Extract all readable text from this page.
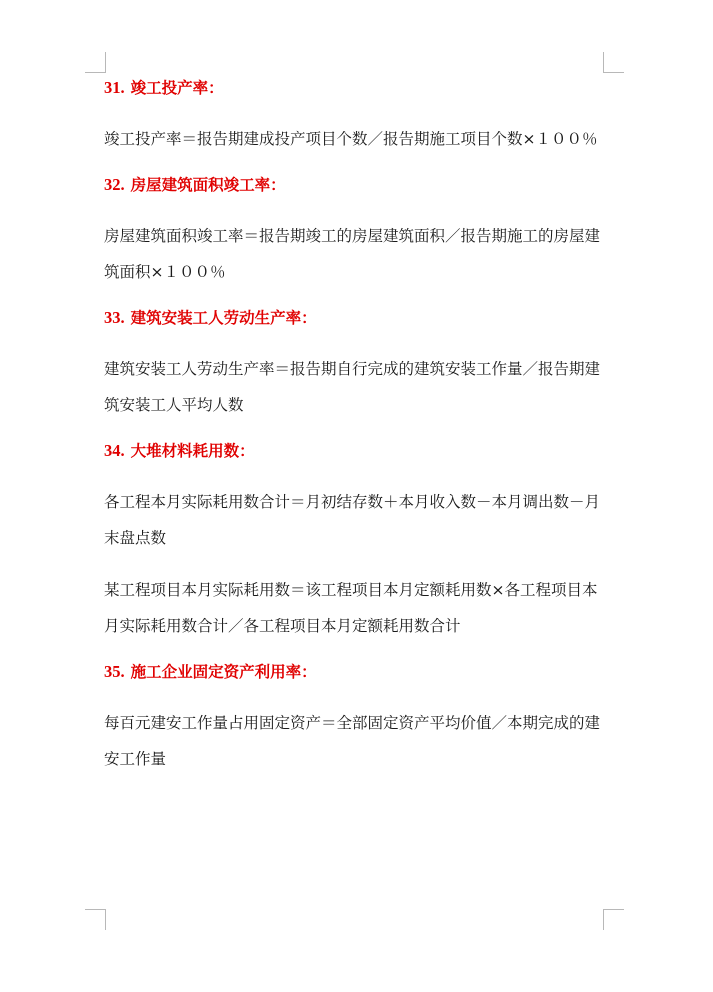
31. 竣工投产率：

竣工投产率＝报告期建成投产项目个数／报告期施工项目个数×１００％

32. 房屋建筑面积竣工率：

房屋建筑面积竣工率＝报告期竣工的房屋建筑面积／报告期施工的房屋建筑面积×１００％

33. 建筑安装工人劳动生产率：

建筑安装工人劳动生产率＝报告期自行完成的建筑安装工作量／报告期建筑安装工人平均人数

34. 大堆材料耗用数：

各工程本月实际耗用数合计＝月初结存数＋本月收入数－本月调出数－月末盘点数

某工程项目本月实际耗用数＝该工程项目本月定额耗用数×各工程项目本月实际耗用数合计／各工程项目本月定额耗用数合计

35. 施工企业固定资产利用率：

每百元建安工作量占用固定资产＝全部固定资产平均价值／本期完成的建安工作量
